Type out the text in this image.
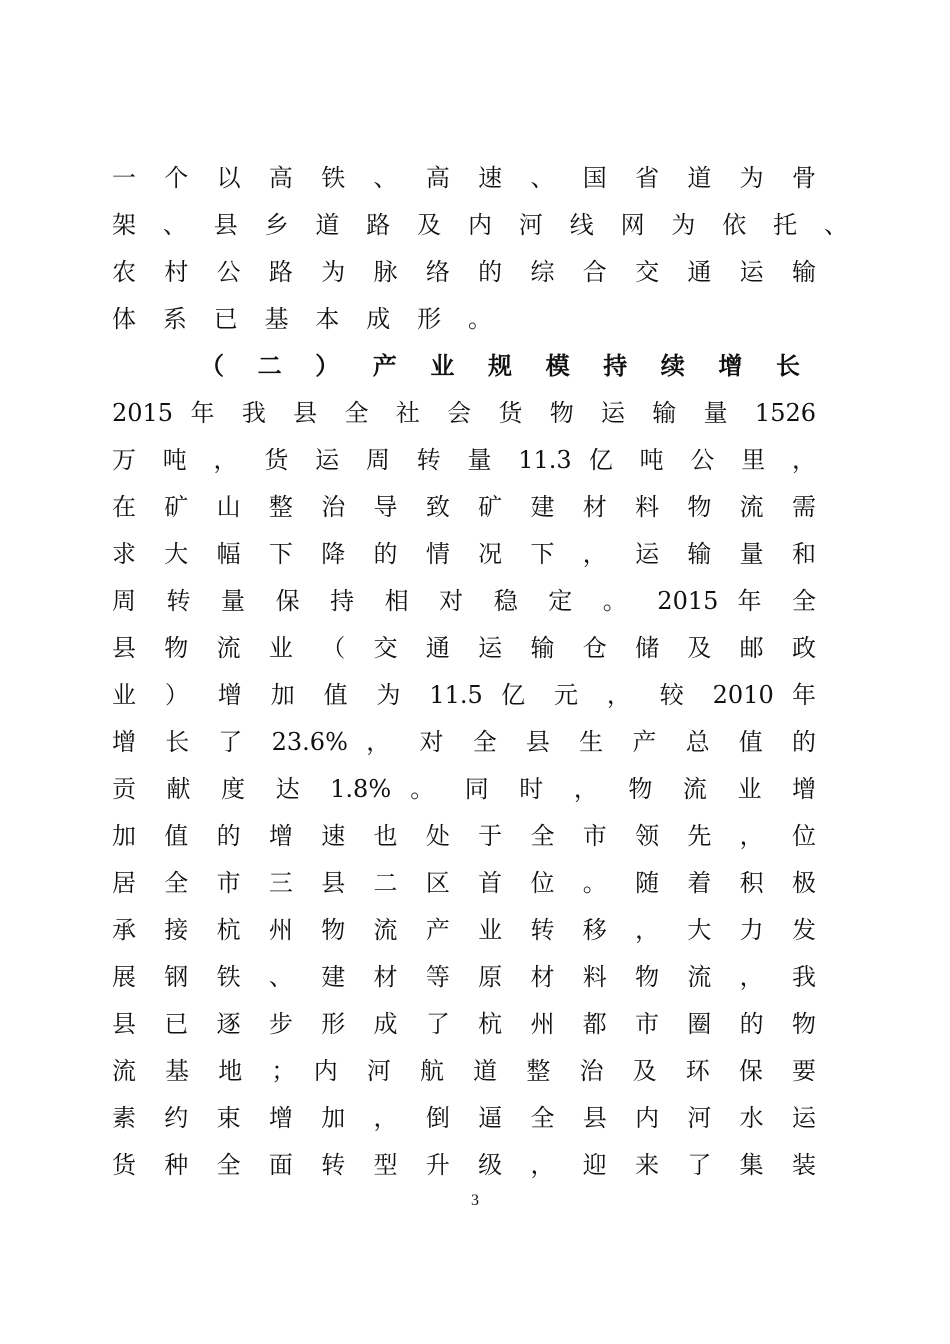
一 个 以 高 铁 、 高 速 、 国 省 道 为 骨
架 、 县 乡 道 路 及 内 河 线 网 为 依 托 、
农 村 公 路 为 脉 络 的 综 合 交 通 运 输
体 系 已 基 本 成 形 。
（ 二 ） 产 业 规 模 持 续 增 长
2015 年 我 县 全 社 会 货 物 运 输 量 1526
万 吨 ， 货 运 周 转 量 11.3 亿 吨 公 里 ，
在 矿 山 整 治 导 致 矿 建 材 料 物 流 需
求 大 幅 下 降 的 情 况 下 ， 运 输 量 和
周 转 量 保 持 相 对 稳 定 。 2015 年 全
县 物 流 业 （ 交 通 运 输 仓 储 及 邮 政
业 ） 增 加 值 为 11.5 亿 元 ， 较 2010 年
增 长 了 23.6% ， 对 全 县 生 产 总 值 的
贡 献 度 达 1.8% 。 同 时 ， 物 流 业 增
加 值 的 增 速 也 处 于 全 市 领 先 ， 位
居 全 市 三 县 二 区 首 位 。 随 着 积 极
承 接 杭 州 物 流 产 业 转 移 ， 大 力 发
展 钢 铁 、 建 材 等 原 材 料 物 流 ， 我
县 已 逐 步 形 成 了 杭 州 都 市 圈 的 物
流 基 地 ； 内 河 航 道 整 治 及 环 保 要
素 约 束 增 加 ， 倒 逼 全 县 内 河 水 运
货 种 全 面 转 型 升 级 ， 迎 来 了 集 装
3
